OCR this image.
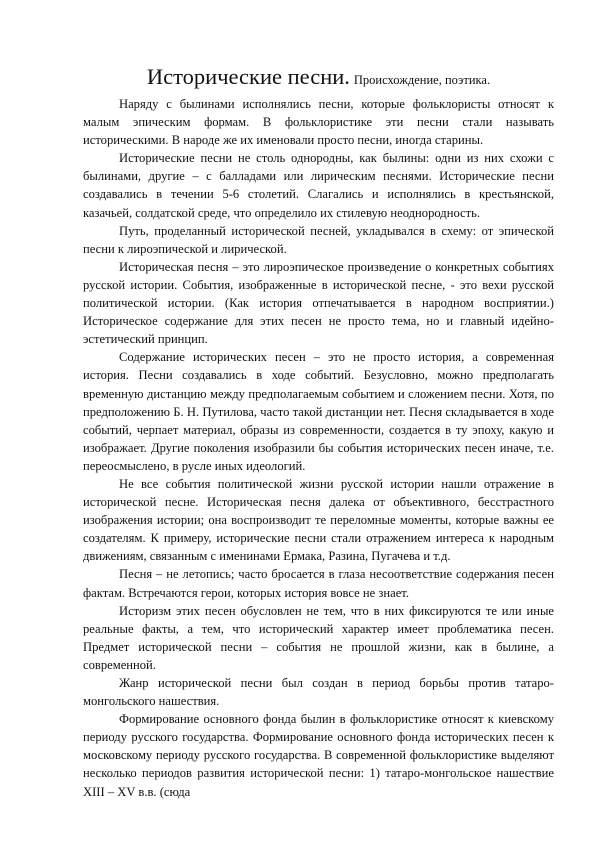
Исторические песни. Происхождение, поэтика.

Наряду с былинами исполнялись песни, которые фольклористы относят к малым эпическим формам. В фольклористике эти песни стали называть историческими. В народе же их именовали просто песни, иногда старины.

Исторические песни не столь однородны, как былины: одни из них схожи с былинами, другие – с балладами или лирическим песнями. Исторические песни создавались в течении 5-6 столетий. Слагались и исполнялись в крестьянской, казачьей, солдатской среде, что определило их стилевую неоднородность.

Путь, проделанный исторической песней, укладывался в схему: от эпической песни к лироэпической и лирической.

Историческая песня – это лироэпическое произведение о конкретных событиях русской истории. События, изображенные в исторической песне, - это вехи русской политической истории. (Как история отпечатывается в народном восприятии.) Историческое содержание для этих песен не просто тема, но и главный идейно-эстетический принцип.

Содержание исторических песен – это не просто история, а современная история. Песни создавались в ходе событий. Безусловно, можно предполагать временную дистанцию между предполагаемым событием и сложением песни. Хотя, по предположению Б. Н. Путилова, часто такой дистанции нет. Песня складывается в ходе событий, черпает материал, образы из современности, создается в ту эпоху, какую и изображает. Другие поколения изобразили бы события исторических песен иначе, т.е. переосмыслено, в русле иных идеологий.

Не все события политической жизни русской истории нашли отражение в исторической песне. Историческая песня далека от объективного, бесстрастного изображения истории; она воспроизводит те переломные моменты, которые важны ее создателям. К примеру, исторические песни стали отражением интереса к народным движениям, связанным с именинами Ермака, Разина, Пугачева и т.д.

Песня – не летопись; часто бросается в глаза несоответствие содержания песен фактам. Встречаются герои, которых история вовсе не знает.

Историзм этих песен обусловлен не тем, что в них фиксируются те или иные реальные факты, а тем, что исторический характер имеет проблематика песен. Предмет исторической песни – события не прошлой жизни, как в былине, а современной.

Жанр исторической песни был создан в период борьбы против татаро-монгольского нашествия.

Формирование основного фонда былин в фольклористике относят к киевскому периоду русского государства. Формирование основного фонда исторических песен к московскому периоду русского государства. В современной фольклористике выделяют несколько периодов развития исторической песни: 1) татаро-монгольское нашествие XIII – XV в.в. (сюда
